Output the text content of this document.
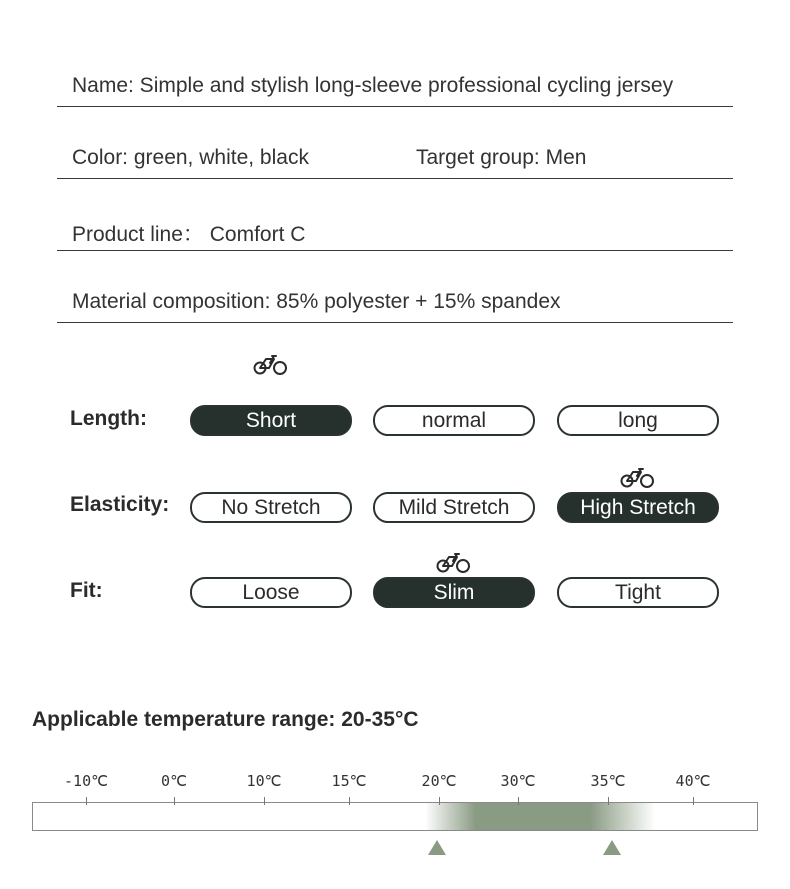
Name: Simple and stylish long-sleeve professional cycling jersey
Color: green, white, black	Target group: Men
Product line： Comfort C
Material composition: 85% polyester + 15% spandex
Length:	Short	normal	long
Elasticity:	No Stretch	Mild Stretch	High Stretch
Fit:	Loose	Slim	Tight
Applicable temperature range: 20-35°C
-10℃	0℃	10℃	15℃	20℃	30℃	35℃	40℃
